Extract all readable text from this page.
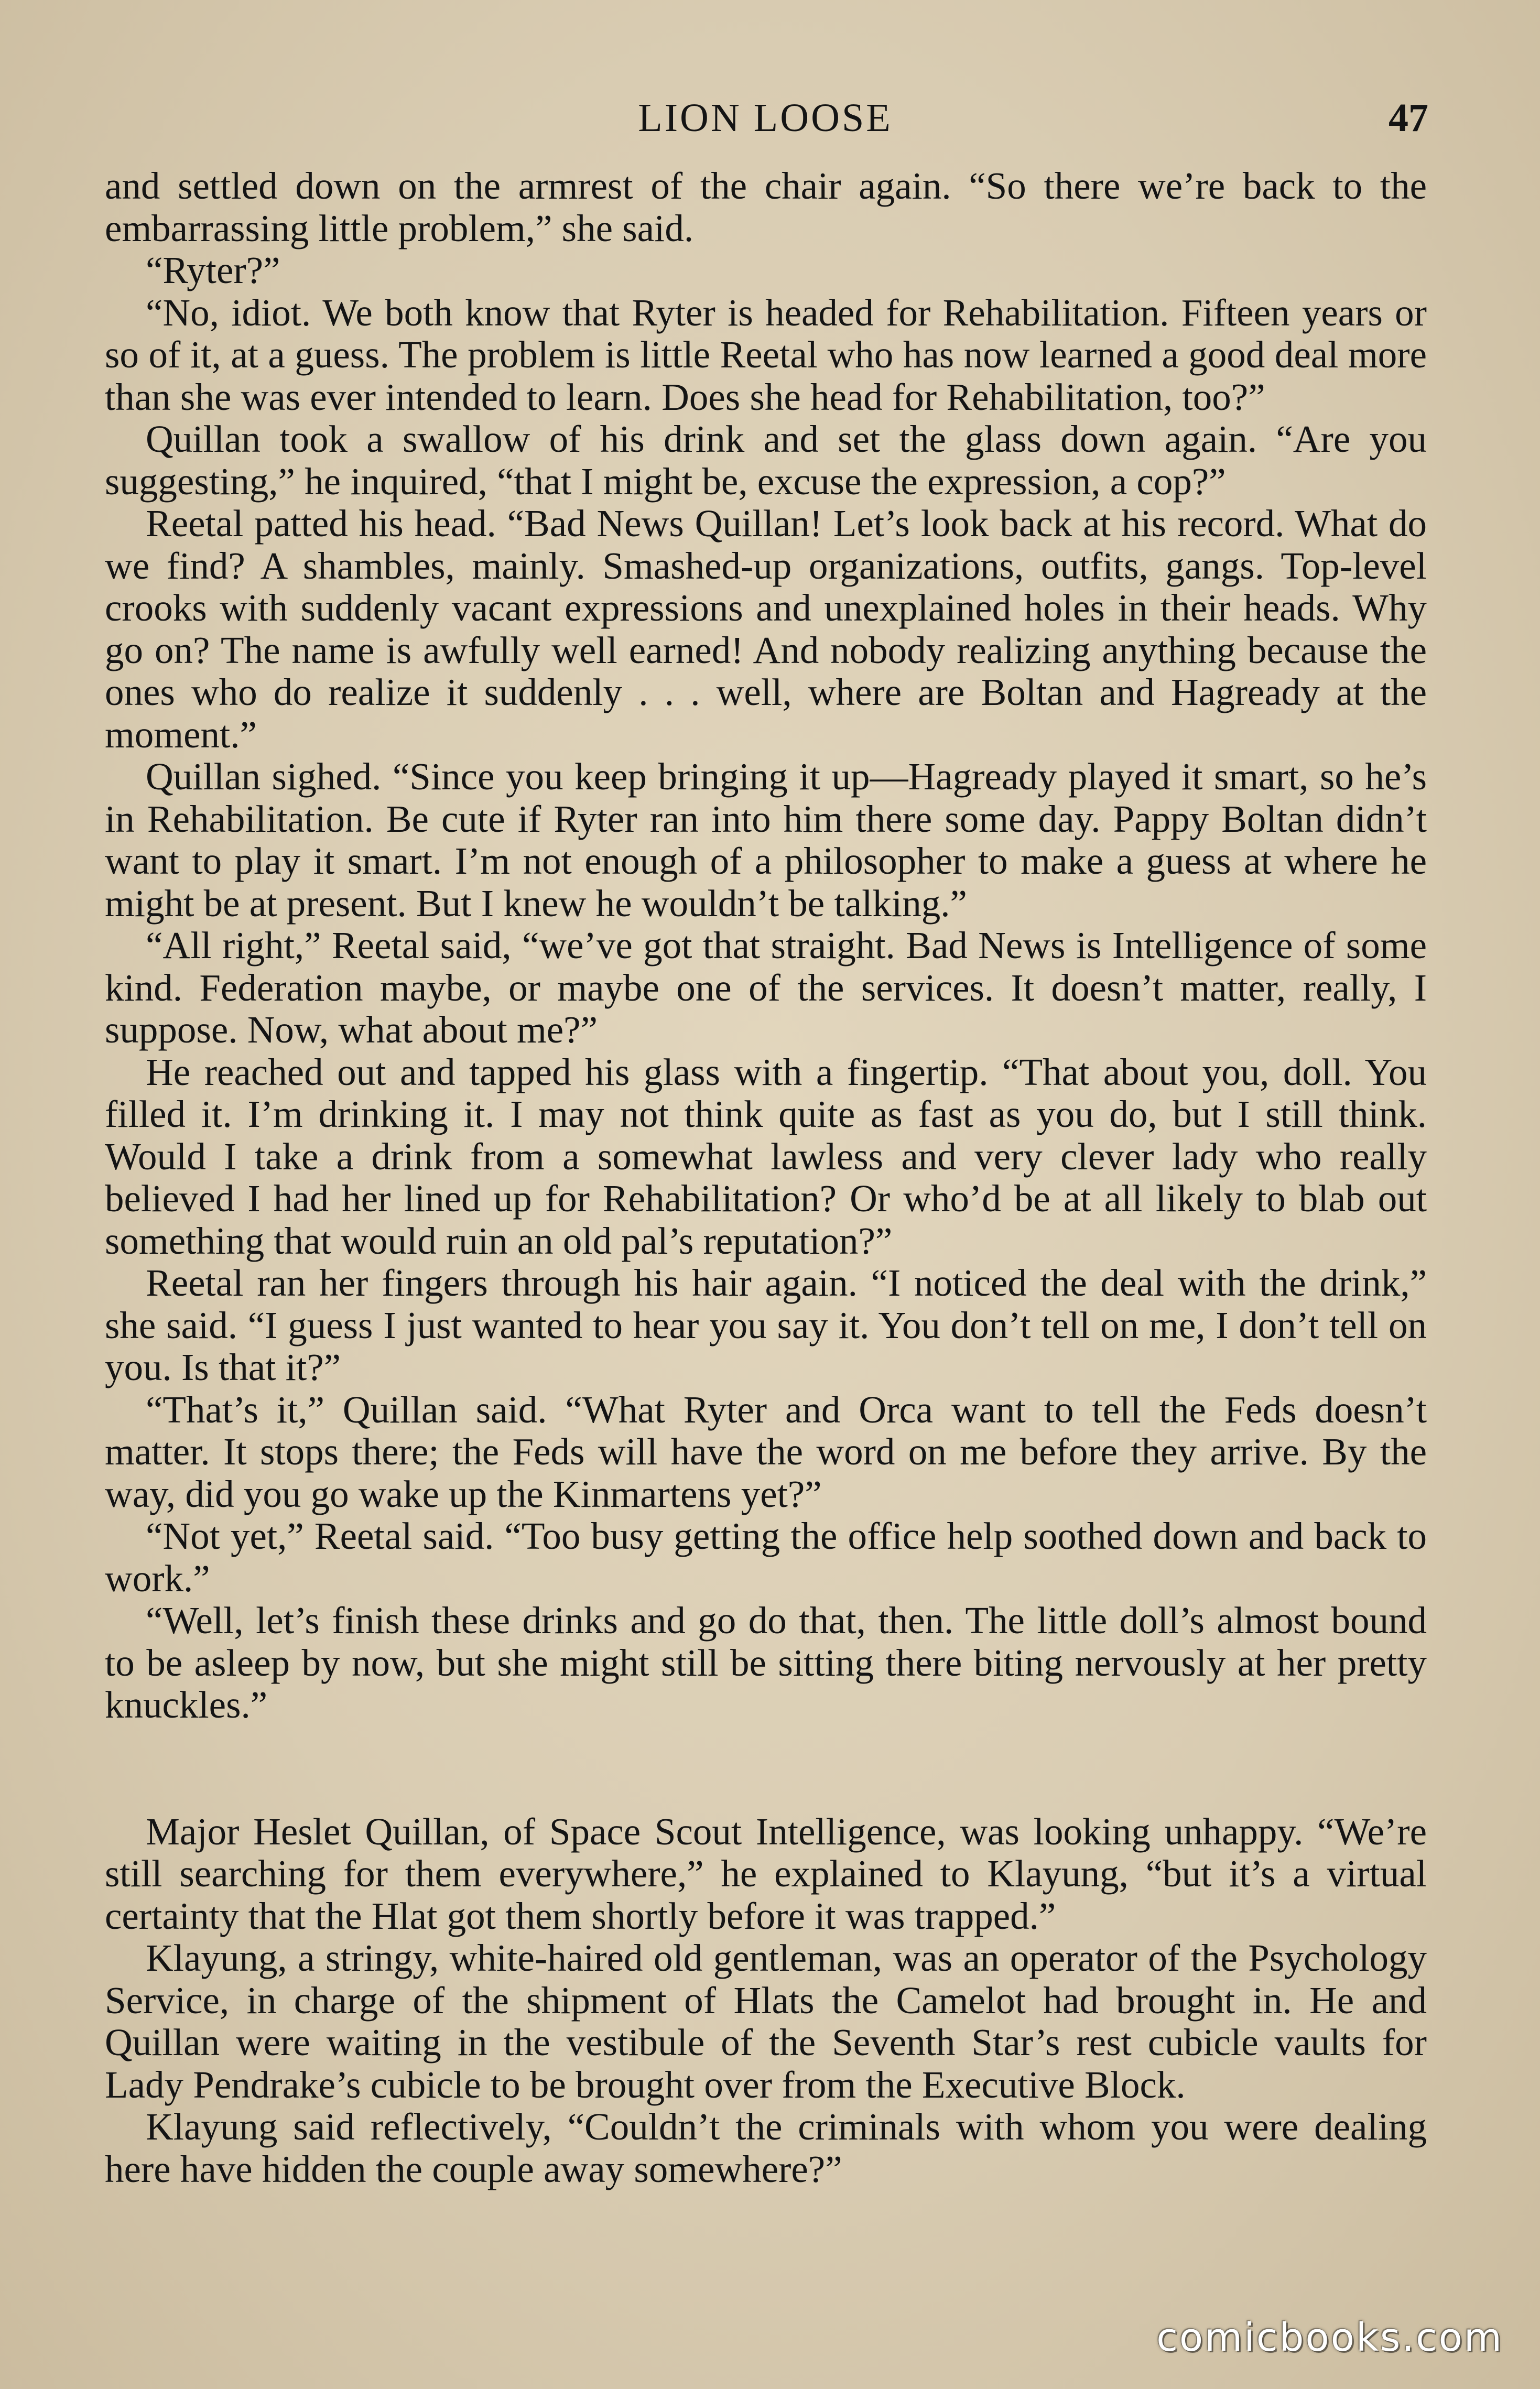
LION LOOSE	47

and settled down on the armrest of the chair again. “So there we’re back to the embarrassing little problem,” she said.

“Ryter?”

“No, idiot. We both know that Ryter is headed for Rehabilitation. Fifteen years or so of it, at a guess. The problem is little Reetal who has now learned a good deal more than she was ever intended to learn. Does she head for Rehabilitation, too?”

Quillan took a swallow of his drink and set the glass down again. “Are you suggesting,” he inquired, “that I might be, excuse the expression, a cop?”

Reetal patted his head. “Bad News Quillan! Let’s look back at his record. What do we find? A shambles, mainly. Smashed-up organizations, outfits, gangs. Top-level crooks with suddenly vacant expressions and unexplained holes in their heads. Why go on? The name is awfully well earned! And nobody realizing anything because the ones who do realize it suddenly . . . well, where are Boltan and Hagready at the moment.”

Quillan sighed. “Since you keep bringing it up—Hagready played it smart, so he’s in Rehabilitation. Be cute if Ryter ran into him there some day. Pappy Boltan didn’t want to play it smart. I’m not enough of a philosopher to make a guess at where he might be at present. But I knew he wouldn’t be talking.”

“All right,” Reetal said, “we’ve got that straight. Bad News is Intelligence of some kind. Federation maybe, or maybe one of the services. It doesn’t matter, really, I suppose. Now, what about me?”

He reached out and tapped his glass with a fingertip. “That about you, doll. You filled it. I’m drinking it. I may not think quite as fast as you do, but I still think. Would I take a drink from a somewhat lawless and very clever lady who really believed I had her lined up for Rehabilitation? Or who’d be at all likely to blab out something that would ruin an old pal’s reputation?”

Reetal ran her fingers through his hair again. “I noticed the deal with the drink,” she said. “I guess I just wanted to hear you say it. You don’t tell on me, I don’t tell on you. Is that it?”

“That’s it,” Quillan said. “What Ryter and Orca want to tell the Feds doesn’t matter. It stops there; the Feds will have the word on me before they arrive. By the way, did you go wake up the Kinmartens yet?”

“Not yet,” Reetal said. “Too busy getting the office help soothed down and back to work.”

“Well, let’s finish these drinks and go do that, then. The little doll’s almost bound to be asleep by now, but she might still be sitting there biting nervously at her pretty knuckles.”

Major Heslet Quillan, of Space Scout Intelligence, was looking unhappy. “We’re still searching for them everywhere,” he explained to Klayung, “but it’s a virtual certainty that the Hlat got them shortly before it was trapped.”

Klayung, a stringy, white-haired old gentleman, was an operator of the Psychology Service, in charge of the shipment of Hlats the Camelot had brought in. He and Quillan were waiting in the vestibule of the Seventh Star’s rest cubicle vaults for Lady Pendrake’s cubicle to be brought over from the Executive Block.

Klayung said reflectively, “Couldn’t the criminals with whom you were dealing here have hidden the couple away somewhere?”

comicbooks.com
